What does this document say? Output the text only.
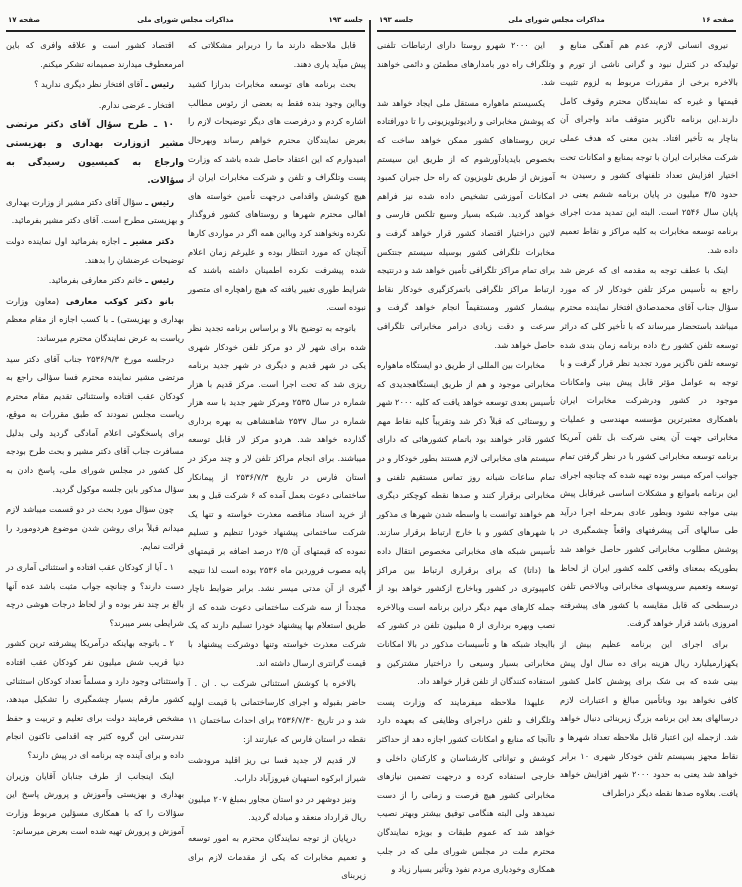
جلسه ۱۹۳
مذاکرات مجلس شورای ملی
صفحه ۱۷

قابل ملاحظه دارند ما را دربرابر مشکلاتی که پیش میآید یاری دهند.

بحث برنامه های توسعه مخابرات بدرازا کشید وبااین وجود بنده فقط به بعضی از رئوس مطالب اشاره کردم و درفرصت های دیگر توضیحات لازم را بعرض نمایندگان محترم خواهم رساند وبهرحال امیدوارم که این اعتقاد حاصل شده باشد که وزارت پست وتلگراف و تلفن و شرکت مخابرات ایران از هیچ کوشش واقدامی درجهت تأمین خواسته های اهالی محترم شهرها و روستاهای کشور فروگذار نکرده ونخواهند کرد وبااین همه اگر در مواردی کارها آنچنان که مورد انتظار بوده و علیرغم زمان اعلام شده پیشرفت نکرده اطمینان داشته باشند که شرایط طوری تغییر یافته که هیچ راهچاره ای متصور نبوده است.

باتوجه به توضیح بالا و براساس برنامه تجدید نظر شده برای شهر لار دو مرکز تلفن خودکار شهری یکی در شهر قدیم و دیگری در شهر جدید برنامه ریزی شد که تحت اجرا است. مرکز قدیم با هزار شماره در سال ۲۵۳۵ ومرکز شهر جدید با سه هزار شماره در سال ۲۵۳۷ شاهنشاهی به بهره برداری گذارده خواهد شد. هردو مرکز لار قابل توسعه میباشند. برای انجام مراکز تلفن لار و چند مرکز در استان فارس در تاریخ ۲۵۳۶/۷/۳ از پیمانکار ساختمانی دعوت بعمل آمده که ۶ شرکت قبل و بعد از خرید اسناد مناقصه معذرت خواسته و تنها یک شرکت ساختمانی پیشنهاد خودرا تنظیم و تسلیم نموده که قیمتهای آن ۲/۵ درصد اضافه بر قیمتهای پایه مصوب فروردین ماه ۲۵۳۶ بوده است لذا نتیجه گیری از آن مدتی میسر نشد. برابر ضوابط ناچار مجدداً از سه شرکت ساختمانی دعوت شده که از طریق استعلام بها پیشنهاد خودرا تسلیم دارند که یک شرکت معذرت خواسته وتنها دوشرکت پیشنهاد با قیمت گرانتری ارسال داشته اند.

بالاخره با کوشش استثنائی شرکت ب . ان . آ حاضر بقبوله و اجرای کارساختمانی با قیمت اولیه شد و در تاریخ ۲۵۳۶/۷/۳۰ برای احداث ساختمان ۱۱ نقطه در استان فارس که عبارتند از:

لار قدیم لار جدید فسا نی ریز اقلید مرودشت شیراز ابرکوه استهبان فیروزآباد داراب.

ونیز دوشهر در دو استان مجاور بمبلغ ۲۰۷ میلیون ریال قرارداد منعقد و مبادله گردید.

درپایان از توجه نمایندگان محترم به امور توسعه و تعمیم مخابرات که یکی از مقدمات لازم برای زیربنای

اقتصاد کشور است و علاقه وافری که باین امرمعطوف میدارند صمیمانه تشکر میکنم.

رئیس ـ آقای افتخار نظر دیگری ندارید ؟

افتخار ـ عرضی ندارم.

۱۰ ـ طرح سؤال آقای دکتر مرتضی مشیر ازوزارت بهداری و بهزیستی وارجاع به کمیسیون رسیدگی به سؤالات.

رئیس ـ سؤال آقای دکتر مشیر از وزارت بهداری و بهزیستی مطرح است. آقای دکتر مشیر بفرمائید.

دکتر مشیر ـ اجازه بفرمائید اول نماینده دولت توضیحات عرضشان را بدهند.

رئیس ـ خانم دکتر معارفی بفرمائید.

بانو دکتر کوکب معارفی (معاون وزارت بهداری و بهزیستی) ـ با کسب اجازه از مقام معظم ریاست به عرض نمایندگان محترم میرساند:

درجلسه مورخ ۲۵۳۶/۹/۳ جناب آقای دکتر سید مرتضی مشیر نماینده محترم فسا سؤالی راجع به کودکان عقب افتاده واستثنائی تقدیم مقام محترم ریاست مجلس نمودند که طبق مقررات به موقع، برای پاسخگوئی اعلام آمادگی گردید ولی بدلیل مسافرت جناب آقای دکتر مشیر و بحث طرح بودجه کل کشور در مجلس شورای ملی، پاسخ دادن به سؤال مذکور باین جلسه موکول گردید.

چون سؤال مورد بحث در دو قسمت میباشد لازم میدانم قبلاً برای روشن شدن موضوع هردومورد را قرائت نمایم.

۱ ـ آیا از کودکان عقب افتاده و استثنائی آماری در دست دارند؟ و چنانچه جواب مثبت باشد عده آنها بالغ بر چند نفر بوده و از لحاظ درجات هوشی درچه شرایطی بسر میبرند؟

۲ ـ باتوجه بهاینکه درآمریکا پیشرفته ترین کشور دنیا قریب شش میلیون نفر کودکان عقب افتاده واستثنائی وجود دارد و مسلماً تعداد کودکان استثنائی کشور مارقم بسیار چشمگیری را تشکیل میدهد، مشخص فرمایند دولت برای تعلیم و تربیت و حفظ تندرستی این گروه کثیر چه اقدامی تاکنون انجام داده و برای آینده چه برنامه ای در پیش دارند؟

اینک اینجانب از طرف جنابان آقایان وزیران بهداری و بهزیستی وآموزش و پرورش پاسخ این سؤالات را که با همکاری مسؤلین مربوط وزارت آموزش و پرورش تهیه شده است بعرض میرسانم:

صفحه ۱۶
مذاکرات مجلس شورای ملی
جلسه ۱۹۳

نیروی انسانی لازم، عدم هم آهنگی منابع و تولیدکه در کنترل نبود و گرانی ناشی از تورم و بالاخره برخی از مقررات مربوط به لزوم تثبیت قیمتها و غیره که نمایندگان محترم وقوف کامل دارند.این برنامه تاگزیر متوقف ماند واجرای آن بناچار به تأخیر افتاد. بدین معنی که هدف عملی شرکت مخابرات ایران با توجه بمنابع و امکانات تحت اختیار افزایش تعداد تلفنهای کشور و رسیدن به حدود ۳/۵ میلیون در پایان برنامه ششم یعنی در پایان سال ۲۵۴۶ است. البته این تمدید مدت اجرای برنامه توسعه مخابرات به کلیه مراکز و نقاط تعمیم داده شد.

اینک با عطف توجه به مقدمه ای که عرض شد راجع به تأسیس مرکز تلفن خودکار لار که مورد سؤال جناب آقای محمدصادق افتخار نماینده محترم میباشد باستحضار میرساند که با تأخیر کلی که دراثر توسعه تلفن کشور رخ داده برنامه زمان بندی شده توسعه تلفن ناگزیر مورد تجدید نظر قرار گرفت و با توجه به عوامل مؤثر قابل پیش بینی وامکانات موجود در کشور ودرشرکت مخابرات ایران باهمکاری معتبرترین مؤسسه مهندسی و عملیات مخابراتی جهت آن یعنی شرکت بل تلفن آمریکا برنامه توسعه مخابراتی کشور با در نظر گرفتن تمام جوانب امرکه میسر بوده تهیه شده که چنانچه اجرای این برنامه باموانع و مشکلات اساسی غیرقابل پیش بینی مواجه نشود وبطور عادی بمرحله اجرا درآید طی سالهای آتی پیشرفتهای واقعاً چشمگیری در پوشش مطلوب مخابراتی کشور حاصل خواهد شد بطوریکه بمعنای واقعی کلمه کشور ایران از لحاظ توسعه وتعمیم سرویسهای مخابراتی وبالاخص تلفن درسطحی که قابل مقایسه با کشور های پیشرفته امروزی باشد قرار خواهد گرفت.

برای اجرای این برنامه عظیم بیش از یکهزارمیلیارد ریال هزینه برای ده سال اول پیش بینی شده که بی شک برای پوشش کامل کشور کافی نخواهد بود وباتأمین مبالغ و اعتبارات لازم درسالهای بعد این برنامه بزرگ زیربنائی دنبال خواهد شد. ازجمله این اعتبار قابل ملاحظه تعداد شهرها و نقاط مجهز بسیستم تلفن خودکار شهری ۱۰ برابر خواهد شد یعنی به حدود ۲۰۰۰ شهر افزایش خواهد یافت. بعلاوه صدها نقطه دیگر دراطراف

این ۲۰۰۰ شهرو روستا دارای ارتباطات تلفنی وتلگراف راه دور بامدارهای مطمئن و دائمی خواهند شد.

یکسیستم ماهواره مستقل ملی ایجاد خواهد شد که پوشش مخابراتی و رادیوتلویزیونی را تا دورافتاده ترین روستاهای کشور ممکن خواهد ساخت که بخصوص بایدیادآورشوم که از طریق این سیستم آموزش از طریق تلویزیون که راه حل جبران کمبود امکانات آموزشی تشخیص داده شده نیز فراهم خواهد گردید. شبکه بسیار وسیع تلکس فارسی و لاتین دراختیار اقتصاد کشور قرار خواهد گرفت و مخابرات تلگرافی کشور بوسیله سیستم جنتکس برای تمام مراکز تلگرافی تأمین خواهد شد و درنتیجه ارتباط مراکز تلگرافی باتمرکزگیری خودکار نقاط بیشمار کشور ومستقیماً انجام خواهد گرفت و سرعت و دقت زیادی درامر مخابراتی تلگرافی حاصل خواهد شد.

مخابرات بین المللی از طریق دو ایستگاه ماهواره مخابراتی موجود و هم از طریق ایستگاهجدیدی که تأسیس بعدی توسعه خواهد یافت که کلیه ۲۰۰۰ شهر و روستائی که قبلاً ذکر شد وتقریباً کلیه نقاط مهم کشور قادر خواهند بود باتمام کشورهائی که دارای سیستم های مخابراتی لازم هستند بطور خودکار و در تمام ساعات شبانه روز تماس مستقیم تلفنی و مخابراتی برقرار کنند و صدها نقطه کوچکتر دیگری هم خواهند توانست با واسطه شدن شهرها ی مذکور با شهرهای کشور و با خارج ارتباط برقرار سازند. تأسیس شبکه های مخابراتی مخصوص انتقال داده ها (داتا) که برای برقراری ارتباط بین مراکز کامپیوتری در کشور وباخارج ازکشور خواهد بود از جمله کارهای مهم دیگر دراین برنامه است وبالاخره نصب وبهره برداری از ۵ میلیون تلفن در کشور که باایجاد شبکه ها و تأسیسات مذکور در بالا امکانات مخابراتی بسیار وسیعی را دراختیار مشترکین و استفاده کنندگان از تلفن قرار خواهد داد.

علیهذا ملاحظه میفرمایند که وزارت پست وتلگراف و تلفن دراجرای وظایفی که بعهده دارد تاآنجا که منابع و امکانات کشور اجازه دهد از حداکثر کوشش و توانائی کارشناسان و کارکنان داخلی و خارجی استفاده کرده و درجهت تضمین نیازهای مخابراتی کشور هیچ فرصت و زمانی را از دست نمیدهد ولی البته هنگامی توفیق بیشتر وبهتر نصیب خواهد شد که عموم طبقات و بویژه نمایندگان محترم ملت در مجلس شورای ملی که در جلب همکاری وخودیاری مردم نفوذ وتأثیر بسیار زیاد و
